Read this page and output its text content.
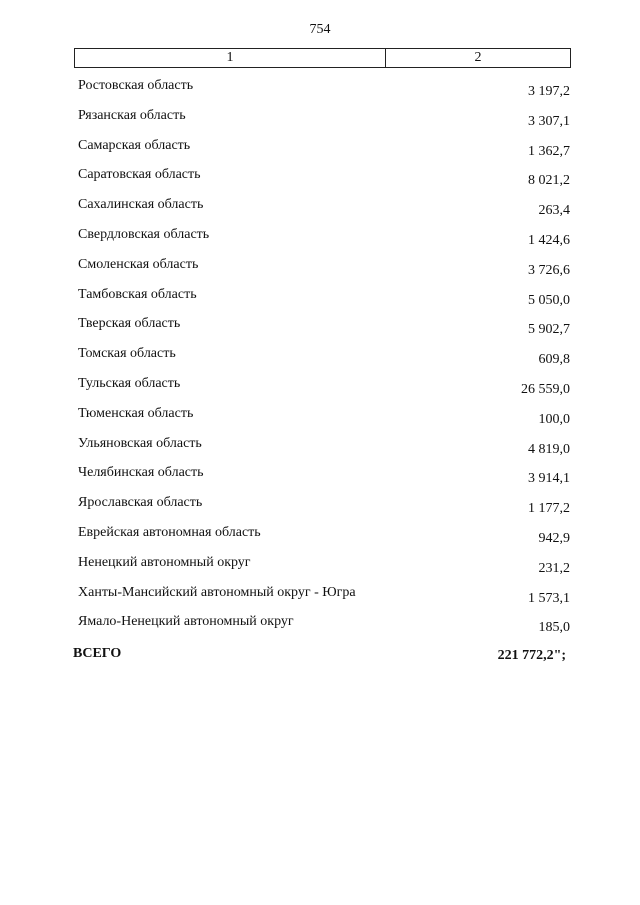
754
1	2
Ростовская область	3 197,2
Рязанская область	3 307,1
Самарская область	1 362,7
Саратовская область	8 021,2
Сахалинская область	263,4
Свердловская область	1 424,6
Смоленская область	3 726,6
Тамбовская область	5 050,0
Тверская область	5 902,7
Томская область	609,8
Тульская область	26 559,0
Тюменская область	100,0
Ульяновская область	4 819,0
Челябинская область	3 914,1
Ярославская область	1 177,2
Еврейская автономная область	942,9
Ненецкий автономный округ	231,2
Ханты-Мансийский автономный округ - Югра	1 573,1
Ямало-Ненецкий автономный округ	185,0
ВСЕГО	221 772,2";
